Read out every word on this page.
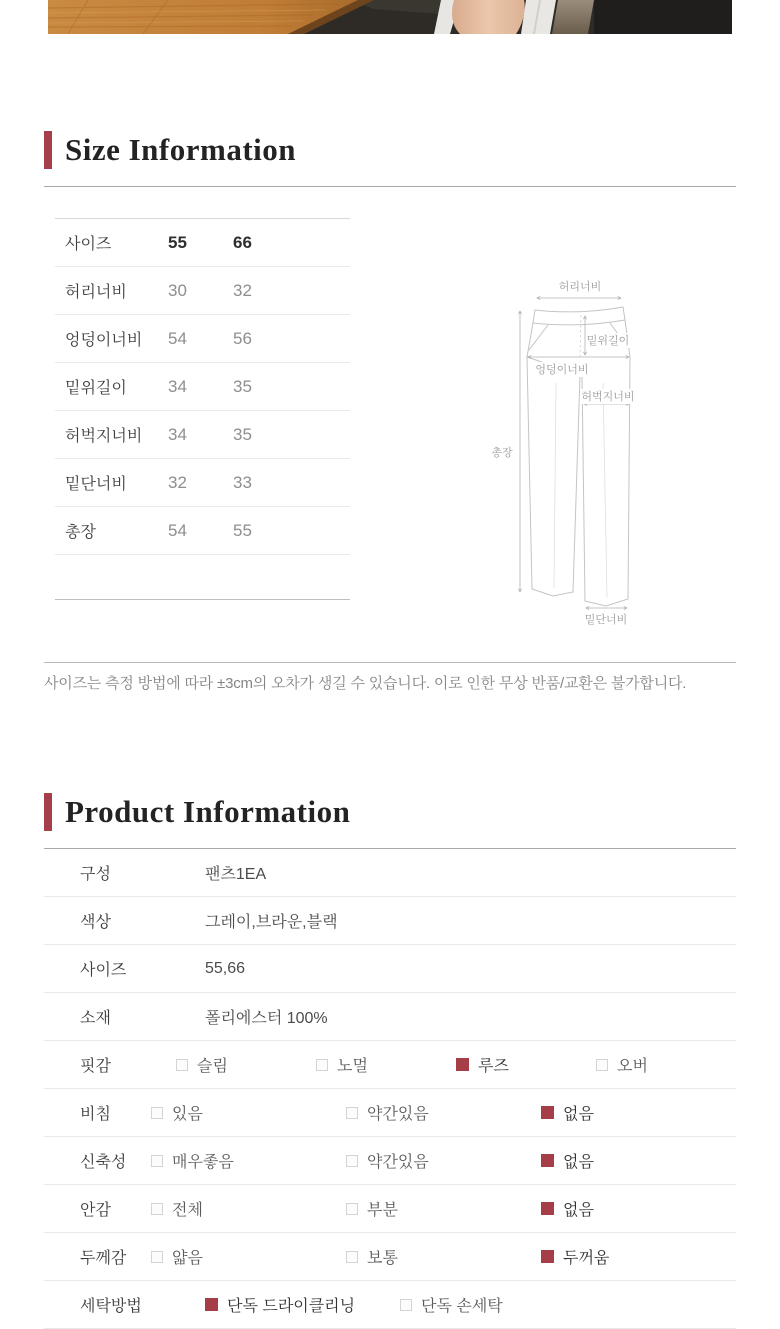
Size Information
사이즈	55	66
허리너비	30	32
엉덩이너비	54	56
밑위길이	34	35
허벅지너비	34	35
밑단너비	32	33
총장	54	55
허리너비
밑위길이
엉덩이너비
허벅지너비
총장
밑단너비

사이즈는 측정 방법에 따라 ±3cm의 오차가 생길 수 있습니다. 이로 인한 무상 반품/교환은 불가합니다.

Product Information
구성	팬츠1EA
색상	그레이,브라운,블랙
사이즈	55,66
소재	폴리에스터 100%
핏감	슬림	노멀	루즈	오버
비침	있음	약간있음	없음
신축성	매우좋음	약간있음	없음
안감	전체	부분	없음
두께감	얇음	보통	두꺼움
세탁방법	단독 드라이클리닝	단독 손세탁
